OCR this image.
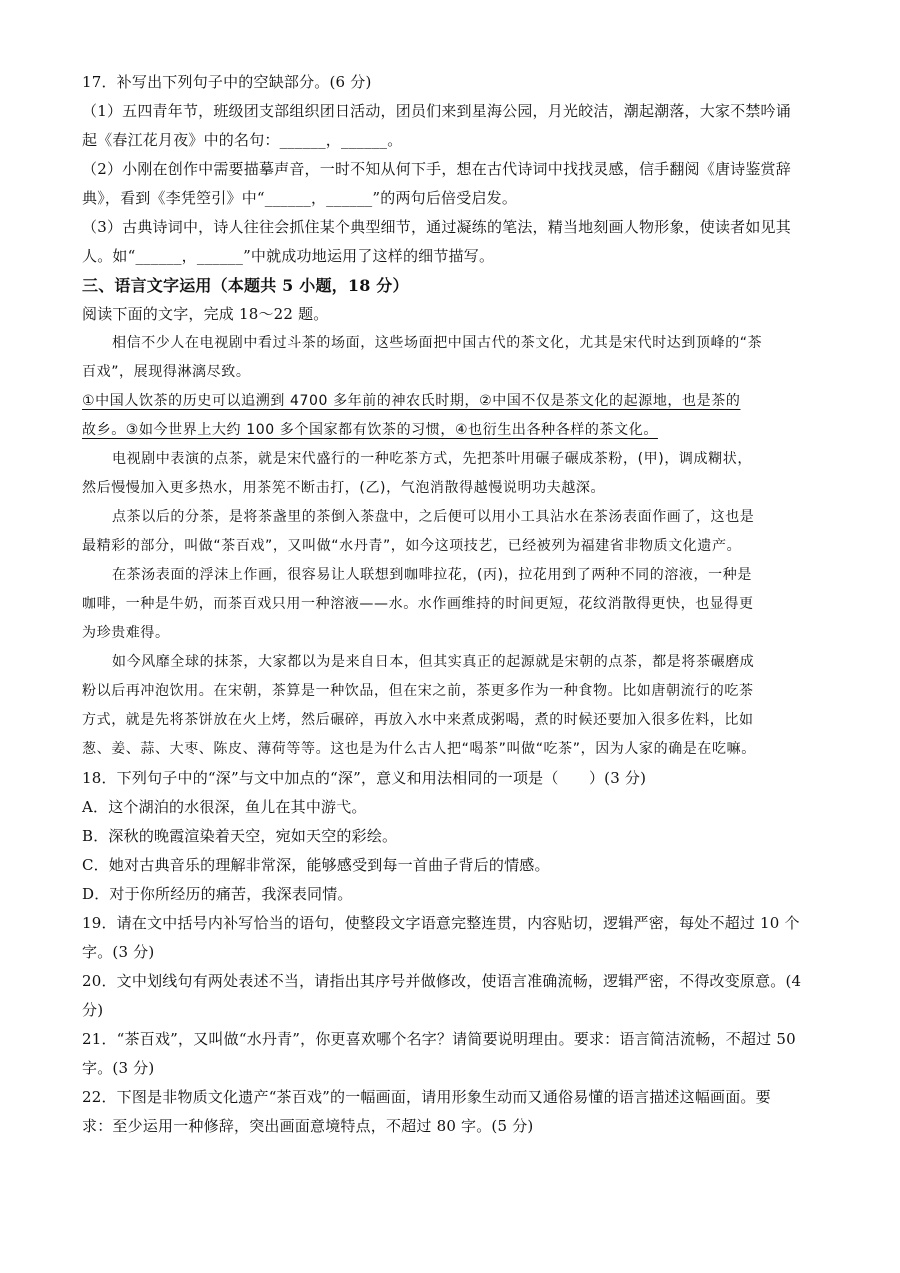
17．补写出下列句子中的空缺部分。(6 分)
（1）五四青年节，班级团支部组织团日活动，团员们来到星海公园，月光皎洁，潮起潮落，大家不禁吟诵
起《春江花月夜》中的名句：______，______。
（2）小刚在创作中需要描摹声音，一时不知从何下手，想在古代诗词中找找灵感，信手翻阅《唐诗鉴赏辞
典》，看到《李凭箜引》中“______，______”的两句后倍受启发。
（3）古典诗词中，诗人往往会抓住某个典型细节，通过凝练的笔法，精当地刻画人物形象，使读者如见其
人。如“______，______”中就成功地运用了这样的细节描写。
三、语言文字运用（本题共 5 小题，18 分）
阅读下面的文字，完成 18～22 题。
相信不少人在电视剧中看过斗茶的场面，这些场面把中国古代的茶文化，尤其是宋代时达到顶峰的“茶
百戏”，展现得淋漓尽致。
①中国人饮茶的历史可以追溯到 4700 多年前的神农氏时期，②中国不仅是茶文化的起源地，也是茶的
故乡。③如今世界上大约 100 多个国家都有饮茶的习惯，④也衍生出各种各样的茶文化。
电视剧中表演的点茶，就是宋代盛行的一种吃茶方式，先把茶叶用碾子碾成茶粉，(甲)，调成糊状，
然后慢慢加入更多热水，用茶筅不断击打，(乙)，气泡消散得越慢说明功夫越深。
点茶以后的分茶，是将茶盏里的茶倒入茶盘中，之后便可以用小工具沾水在茶汤表面作画了，这也是
最精彩的部分，叫做“茶百戏”，又叫做“水丹青”，如今这项技艺，已经被列为福建省非物质文化遗产。
在茶汤表面的浮沫上作画，很容易让人联想到咖啡拉花，(丙)，拉花用到了两种不同的溶液，一种是
咖啡，一种是牛奶，而茶百戏只用一种溶液——水。水作画维持的时间更短，花纹消散得更快，也显得更
为珍贵难得。
如今风靡全球的抹茶，大家都以为是来自日本，但其实真正的起源就是宋朝的点茶，都是将茶碾磨成
粉以后再冲泡饮用。在宋朝，茶算是一种饮品，但在宋之前，茶更多作为一种食物。比如唐朝流行的吃茶
方式，就是先将茶饼放在火上烤，然后碾碎，再放入水中来煮成粥喝，煮的时候还要加入很多佐料，比如
葱、姜、蒜、大枣、陈皮、薄荷等等。这也是为什么古人把“喝茶”叫做“吃茶”，因为人家的确是在吃嘛。
18．下列句子中的“深”与文中加点的“深”，意义和用法相同的一项是（　　）(3 分)
A．这个湖泊的水很深，鱼儿在其中游弋。
B．深秋的晚霞渲染着天空，宛如天空的彩绘。
C．她对古典音乐的理解非常深，能够感受到每一首曲子背后的情感。
D．对于你所经历的痛苦，我深表同情。
19．请在文中括号内补写恰当的语句，使整段文字语意完整连贯，内容贴切，逻辑严密，每处不超过 10 个
字。(3 分)
20．文中划线句有两处表述不当，请指出其序号并做修改，使语言准确流畅，逻辑严密，不得改变原意。(4
分)
21．“茶百戏”，又叫做“水丹青”，你更喜欢哪个名字？请简要说明理由。要求：语言简洁流畅，不超过 50
字。(3 分)
22．下图是非物质文化遗产“茶百戏”的一幅画面，请用形象生动而又通俗易懂的语言描述这幅画面。要
求：至少运用一种修辞，突出画面意境特点，不超过 80 字。(5 分)
